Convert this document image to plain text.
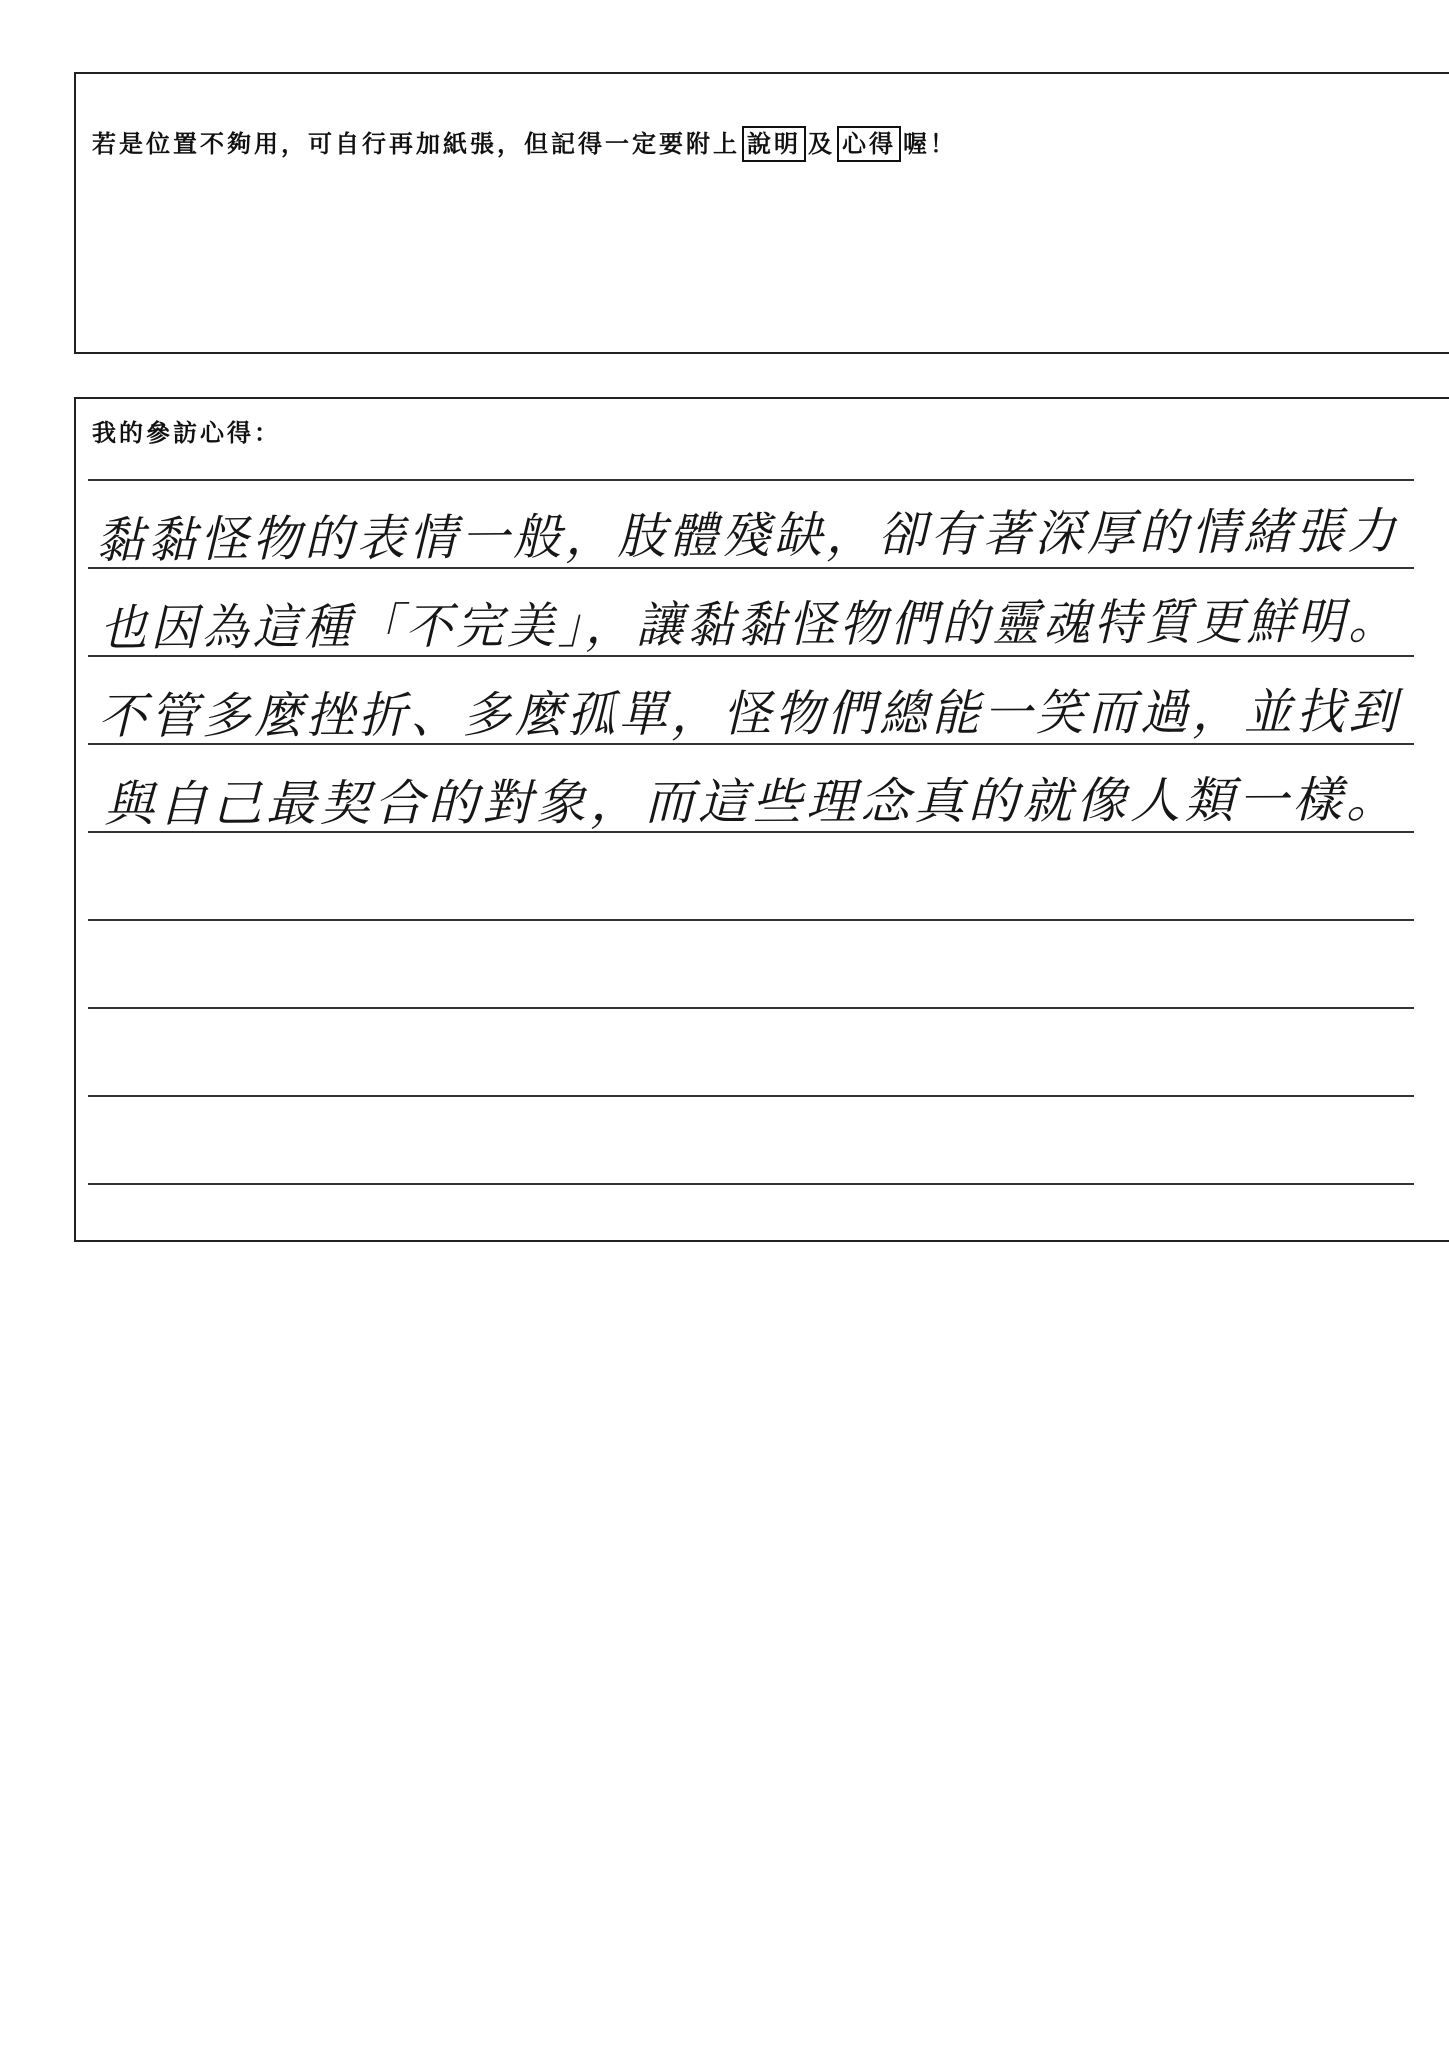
若是位置不夠用，可自行再加紙張，但記得一定要附上 說明 及 心得 喔！
我的參訪心得：
黏黏怪物的表情一般，肢體殘缺，卻有著深厚的情緒張力
也因為這種「不完美」，讓黏黏怪物們的靈魂特質更鮮明。
不管多麼挫折、多麼孤單，怪物們總能一笑而過，並找到
與自己最契合的對象，而這些理念真的就像人類一樣。
